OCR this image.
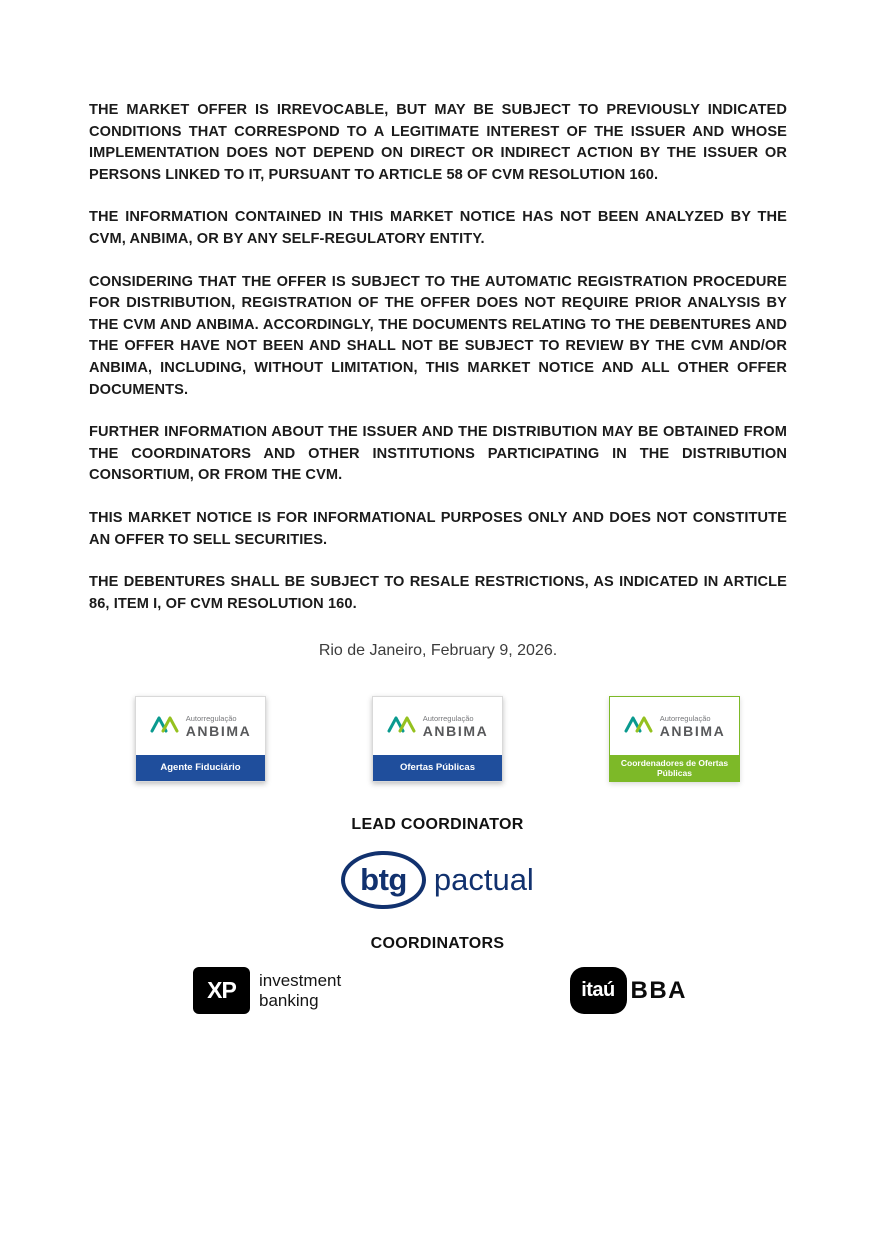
THE MARKET OFFER IS IRREVOCABLE, BUT MAY BE SUBJECT TO PREVIOUSLY INDICATED CONDITIONS THAT CORRESPOND TO A LEGITIMATE INTEREST OF THE ISSUER AND WHOSE IMPLEMENTATION DOES NOT DEPEND ON DIRECT OR INDIRECT ACTION BY THE ISSUER OR PERSONS LINKED TO IT, PURSUANT TO ARTICLE 58 OF CVM RESOLUTION 160.

THE INFORMATION CONTAINED IN THIS MARKET NOTICE HAS NOT BEEN ANALYZED BY THE CVM, ANBIMA, OR BY ANY SELF-REGULATORY ENTITY.

CONSIDERING THAT THE OFFER IS SUBJECT TO THE AUTOMATIC REGISTRATION PROCEDURE FOR DISTRIBUTION, REGISTRATION OF THE OFFER DOES NOT REQUIRE PRIOR ANALYSIS BY THE CVM AND ANBIMA. ACCORDINGLY, THE DOCUMENTS RELATING TO THE DEBENTURES AND THE OFFER HAVE NOT BEEN AND SHALL NOT BE SUBJECT TO REVIEW BY THE CVM AND/OR ANBIMA, INCLUDING, WITHOUT LIMITATION, THIS MARKET NOTICE AND ALL OTHER OFFER DOCUMENTS.

FURTHER INFORMATION ABOUT THE ISSUER AND THE DISTRIBUTION MAY BE OBTAINED FROM THE COORDINATORS AND OTHER INSTITUTIONS PARTICIPATING IN THE DISTRIBUTION CONSORTIUM, OR FROM THE CVM.

THIS MARKET NOTICE IS FOR INFORMATIONAL PURPOSES ONLY AND DOES NOT CONSTITUTE AN OFFER TO SELL SECURITIES.

THE DEBENTURES SHALL BE SUBJECT TO RESALE RESTRICTIONS, AS INDICATED IN ARTICLE 86, ITEM I, OF CVM RESOLUTION 160.

Rio de Janeiro, February 9, 2026.
Autorregulação
ANBIMA
Agente Fiduciário
Autorregulação
ANBIMA
Ofertas Públicas
Autorregulação
ANBIMA
Coordenadores de Ofertas Públicas
LEAD COORDINATOR
btg pactual
COORDINATORS
XP	investment
banking	itaú BBA
